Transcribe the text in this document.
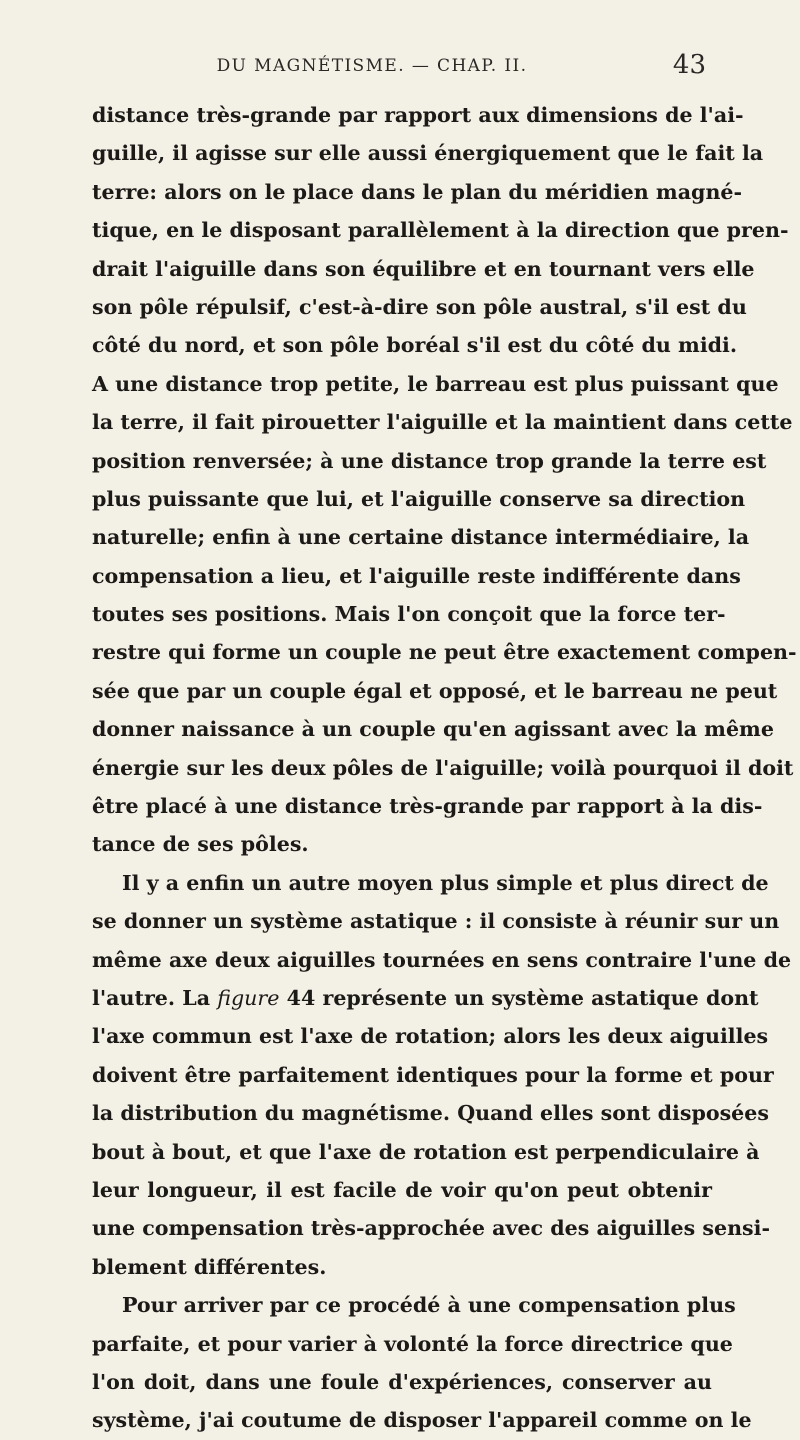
DU MAGNÉTISME. — CHAP. II.	43
distance très-grande par rapport aux dimensions de l'ai-
guille, il agisse sur elle aussi énergiquement que le fait la
terre: alors on le place dans le plan du méridien magné-
tique, en le disposant parallèlement à la direction que pren-
drait l'aiguille dans son équilibre et en tournant vers elle
son pôle répulsif, c'est-à-dire son pôle austral, s'il est du
côté du nord, et son pôle boréal s'il est du côté du midi.
A une distance trop petite, le barreau est plus puissant que
la terre, il fait pirouetter l'aiguille et la maintient dans cette
position renversée; à une distance trop grande la terre est
plus puissante que lui, et l'aiguille conserve sa direction
naturelle; enfin à une certaine distance intermédiaire, la
compensation a lieu, et l'aiguille reste indifférente dans
toutes ses positions. Mais l'on conçoit que la force ter-
restre qui forme un couple ne peut être exactement compen-
sée que par un couple égal et opposé, et le barreau ne peut
donner naissance à un couple qu'en agissant avec la même
énergie sur les deux pôles de l'aiguille; voilà pourquoi il doit
être placé à une distance très-grande par rapport à la dis-
tance de ses pôles.
Il y a enfin un autre moyen plus simple et plus direct de
se donner un système astatique : il consiste à réunir sur un
même axe deux aiguilles tournées en sens contraire l'une de
l'autre. La figure 44 représente un système astatique dont
l'axe commun est l'axe de rotation; alors les deux aiguilles
doivent être parfaitement identiques pour la forme et pour
la distribution du magnétisme. Quand elles sont disposées
bout à bout, et que l'axe de rotation est perpendiculaire à
leur longueur, il est facile de voir qu'on peut obtenir
une compensation très-approchée avec des aiguilles sensi-
blement différentes.
Pour arriver par ce procédé à une compensation plus
parfaite, et pour varier à volonté la force directrice que
l'on doit, dans une foule d'expériences, conserver au
système, j'ai coutume de disposer l'appareil comme on le
